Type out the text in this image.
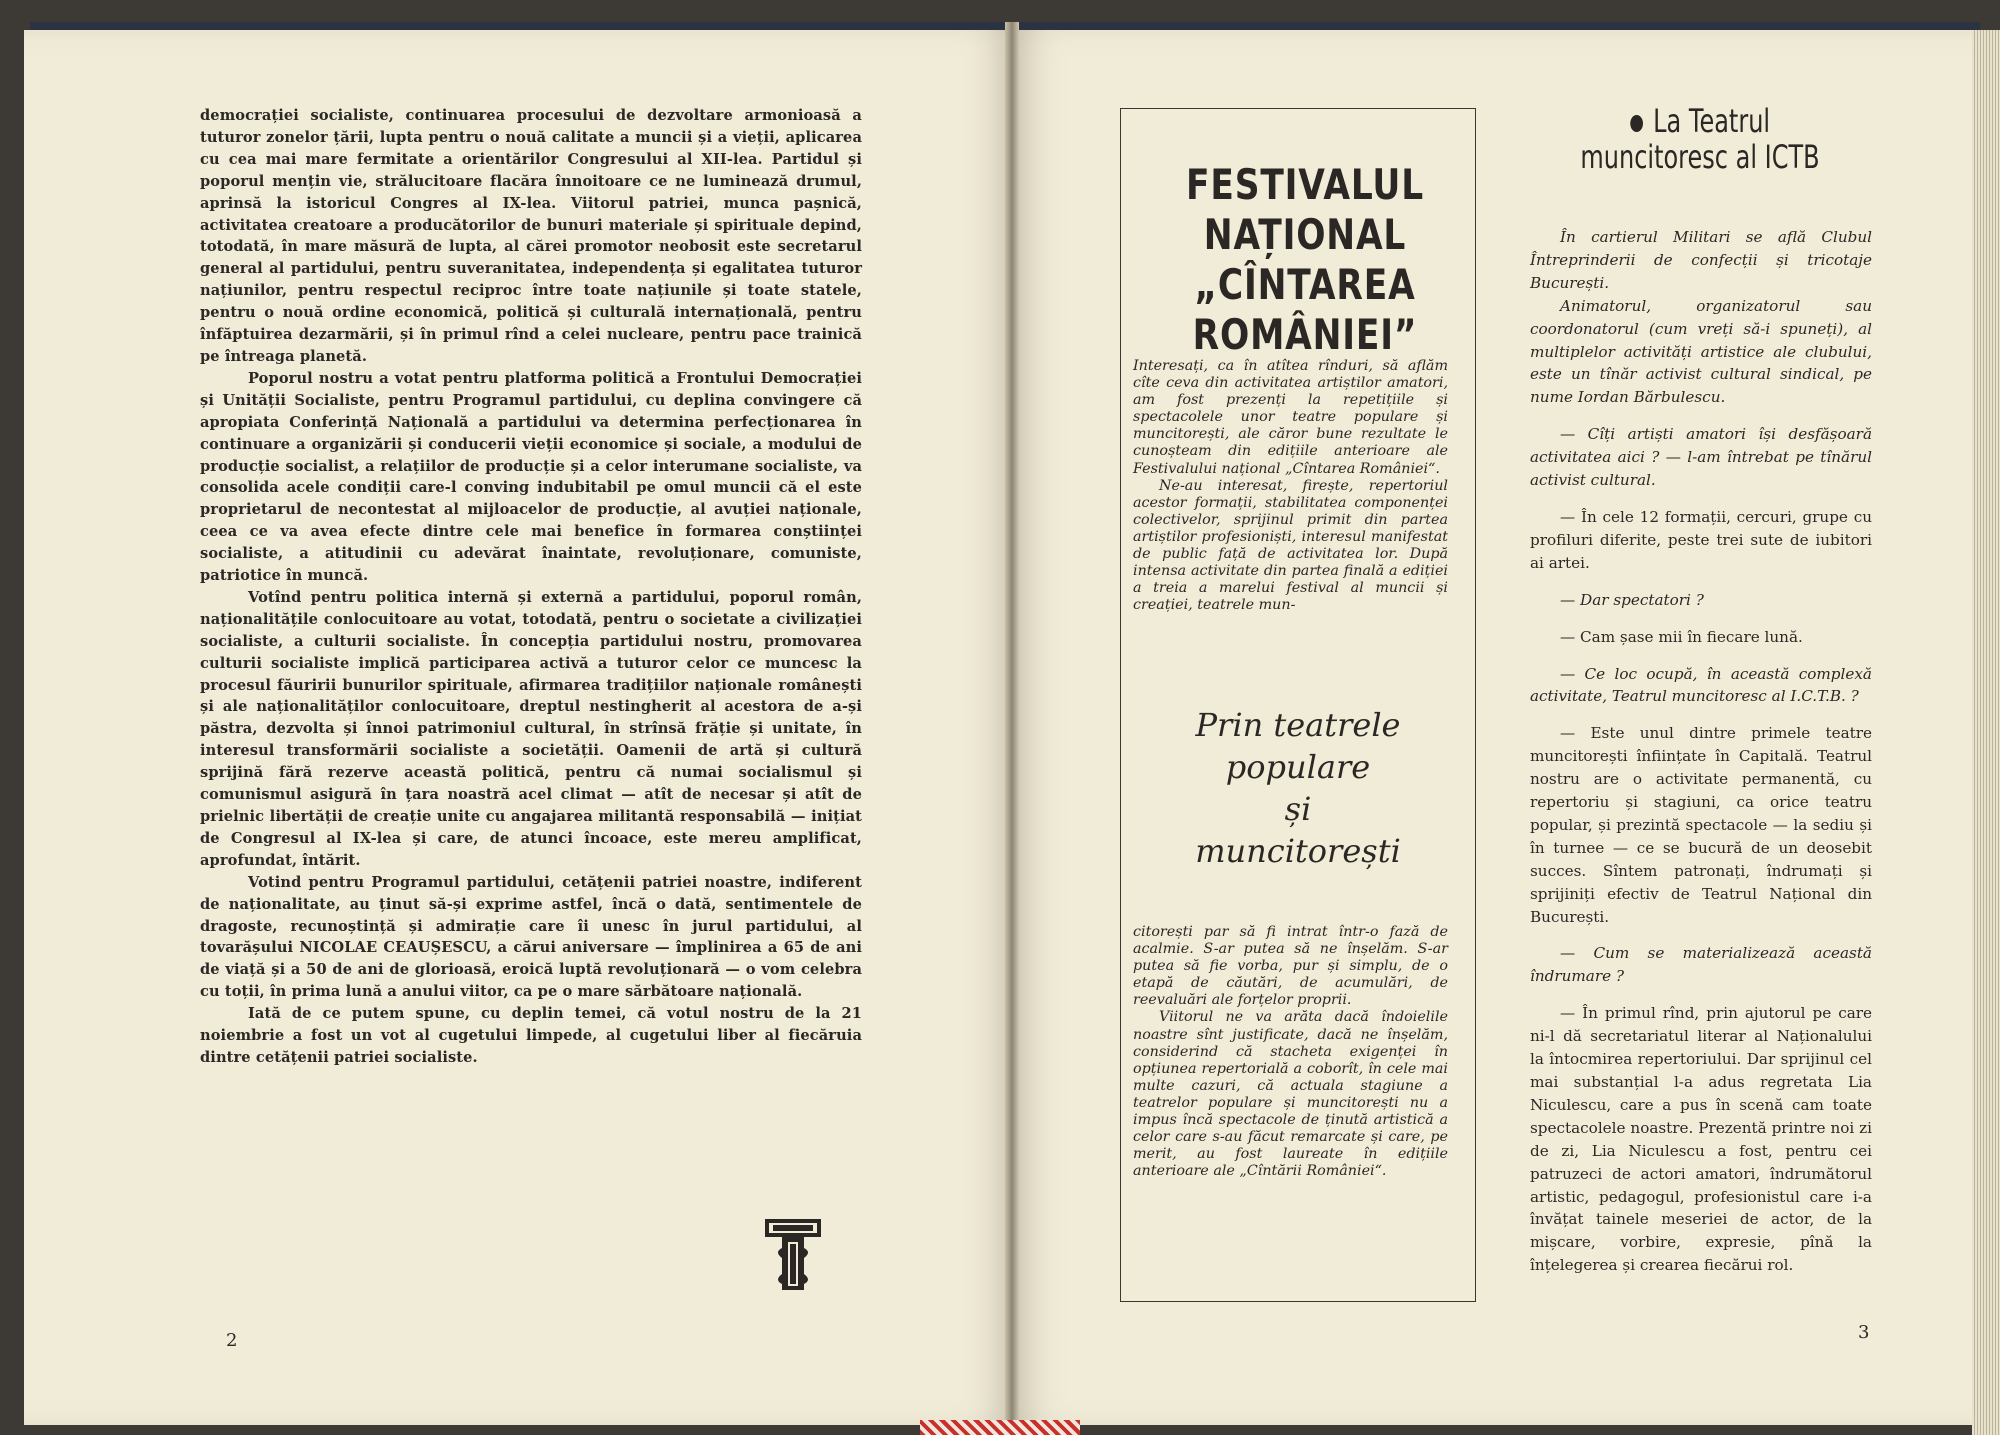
democrației socialiste, continuarea procesului de dezvoltare armonioasă a tuturor zonelor țării, lupta pentru o nouă calitate a muncii și a vieții, aplicarea cu cea mai mare fermitate a orientărilor Congresului al XII-lea. Partidul și poporul mențin vie, strălucitoare flacăra înnoitoare ce ne luminează drumul, aprinsă la istoricul Congres al IX-lea. Viitorul patriei, munca pașnică, activitatea creatoare a producătorilor de bunuri materiale și spirituale depind, totodată, în mare măsură de lupta, al cărei promotor neobosit este secretarul general al partidului, pentru suveranitatea, independența și egalitatea tuturor națiunilor, pentru respectul reciproc între toate națiunile și toate statele, pentru o nouă ordine economică, politică și culturală internațională, pentru înfăptuirea dezarmării, și în primul rînd a celei nucleare, pentru pace trainică pe întreaga planetă.

Poporul nostru a votat pentru platforma politică a Frontului Democrației și Unității Socialiste, pentru Programul partidului, cu deplina convingere că apropiata Conferință Națională a partidului va determina perfecționarea în continuare a organizării și conducerii vieții economice și sociale, a modului de producție socialist, a relațiilor de producție și a celor interumane socialiste, va consolida acele condiții care-l conving indubitabil pe omul muncii că el este proprietarul de necontestat al mijloacelor de producție, al avuției naționale, ceea ce va avea efecte dintre cele mai benefice în formarea conștiinței socialiste, a atitudinii cu adevărat înaintate, revoluționare, comuniste, patriotice în muncă.

Votînd pentru politica internă și externă a partidului, poporul român, naționalitățile conlocuitoare au votat, totodată, pentru o societate a civilizației socialiste, a culturii socialiste. În concepția partidului nostru, promovarea culturii socialiste implică participarea activă a tuturor celor ce muncesc la procesul făuririi bunurilor spirituale, afirmarea tradițiilor naționale românești și ale naționalităților conlocuitoare, dreptul nestingherit al acestora de a-și păstra, dezvolta și înnoi patrimoniul cultural, în strînsă frăție și unitate, în interesul transformării socialiste a societății. Oamenii de artă și cultură sprijină fără rezerve această politică, pentru că numai socialismul și comunismul asigură în țara noastră acel climat — atît de necesar și atît de prielnic libertății de creație unite cu angajarea militantă responsabilă — inițiat de Congresul al IX-lea și care, de atunci încoace, este mereu amplificat, aprofundat, întărit.

Votind pentru Programul partidului, cetățenii patriei noastre, indiferent de naționalitate, au ținut să-și exprime astfel, încă o dată, sentimentele de dragoste, recunoștință și admirație care îi unesc în jurul partidului, al tovarășului NICOLAE CEAUȘESCU, a cărui aniversare — împlinirea a 65 de ani de viață și a 50 de ani de glorioasă, eroică luptă revoluționară — o vom celebra cu toții, în prima lună a anului viitor, ca pe o mare sărbătoare națională.

Iată de ce putem spune, cu deplin temei, că votul nostru de la 21 noiembrie a fost un vot al cugetului limpede, al cugetului liber al fiecăruia dintre cetățenii patriei socialiste.

2
FESTIVALUL
NAȚIONAL
„CÎNTAREA
ROMÂNIEI”

Interesați, ca în atîtea rînduri, să aflăm cîte ceva din activitatea artiștilor amatori, am fost prezenți la repetițiile și spectacolele unor teatre populare și muncitorești, ale căror bune rezultate le cunoșteam din edițiile anterioare ale Festivalului național „Cîntarea României“.

Ne-au interesat, firește, repertoriul acestor formații, stabilitatea componenței colectivelor, sprijinul primit din partea artiștilor profesioniști, interesul manifestat de public față de activitatea lor. După intensa activitate din partea finală a ediției a treia a marelui festival al muncii și creației, teatrele mun-

Prin teatrele
populare
și
muncitorești

citorești par să fi intrat într-o fază de acalmie. S-ar putea să ne înșelăm. S-ar putea să fie vorba, pur și simplu, de o etapă de căutări, de acumulări, de reevaluări ale forțelor proprii.

Viitorul ne va arăta dacă îndoielile noastre sînt justificate, dacă ne înșelăm, considerind că stacheta exigenței în opțiunea repertorială a coborît, în cele mai multe cazuri, că actuala stagiune a teatrelor populare și muncitorești nu a impus încă spectacole de ținută artistică a celor care s-au făcut remarcate și care, pe merit, au fost laureate în edițiile anterioare ale „Cîntării României“.

La Teatrul
muncitoresc al ICTB

În cartierul Militari se află Clubul Întreprinderii de confecții și tricotaje București.

Animatorul, organizatorul sau coordonatorul (cum vreți să-i spuneți), al multiplelor activități artistice ale clubului, este un tînăr activist cultural sindical, pe nume Iordan Bărbulescu.

— Cîți artiști amatori își desfășoară activitatea aici ? — l-am întrebat pe tînărul activist cultural.

— În cele 12 formații, cercuri, grupe cu profiluri diferite, peste trei sute de iubitori ai artei.

— Dar spectatori ?

— Cam șase mii în fiecare lună.

— Ce loc ocupă, în această complexă activitate, Teatrul muncitoresc al I.C.T.B. ?

— Este unul dintre primele teatre muncitorești înființate în Capitală. Teatrul nostru are o activitate permanentă, cu repertoriu și stagiuni, ca orice teatru popular, și prezintă spectacole — la sediu și în turnee — ce se bucură de un deosebit succes. Sîntem patronați, îndrumați și sprijiniți efectiv de Teatrul Național din București.

— Cum se materializează această îndrumare ?

— În primul rînd, prin ajutorul pe care ni-l dă secretariatul literar al Naționalului la întocmirea repertoriului. Dar sprijinul cel mai substanțial l-a adus regretata Lia Niculescu, care a pus în scenă cam toate spectacolele noastre. Prezentă printre noi zi de zi, Lia Niculescu a fost, pentru cei patruzeci de actori amatori, îndrumătorul artistic, pedagogul, profesionistul care i-a învățat tainele meseriei de actor, de la mișcare, vorbire, expresie, pînă la înțelegerea și crearea fiecărui rol.

3
